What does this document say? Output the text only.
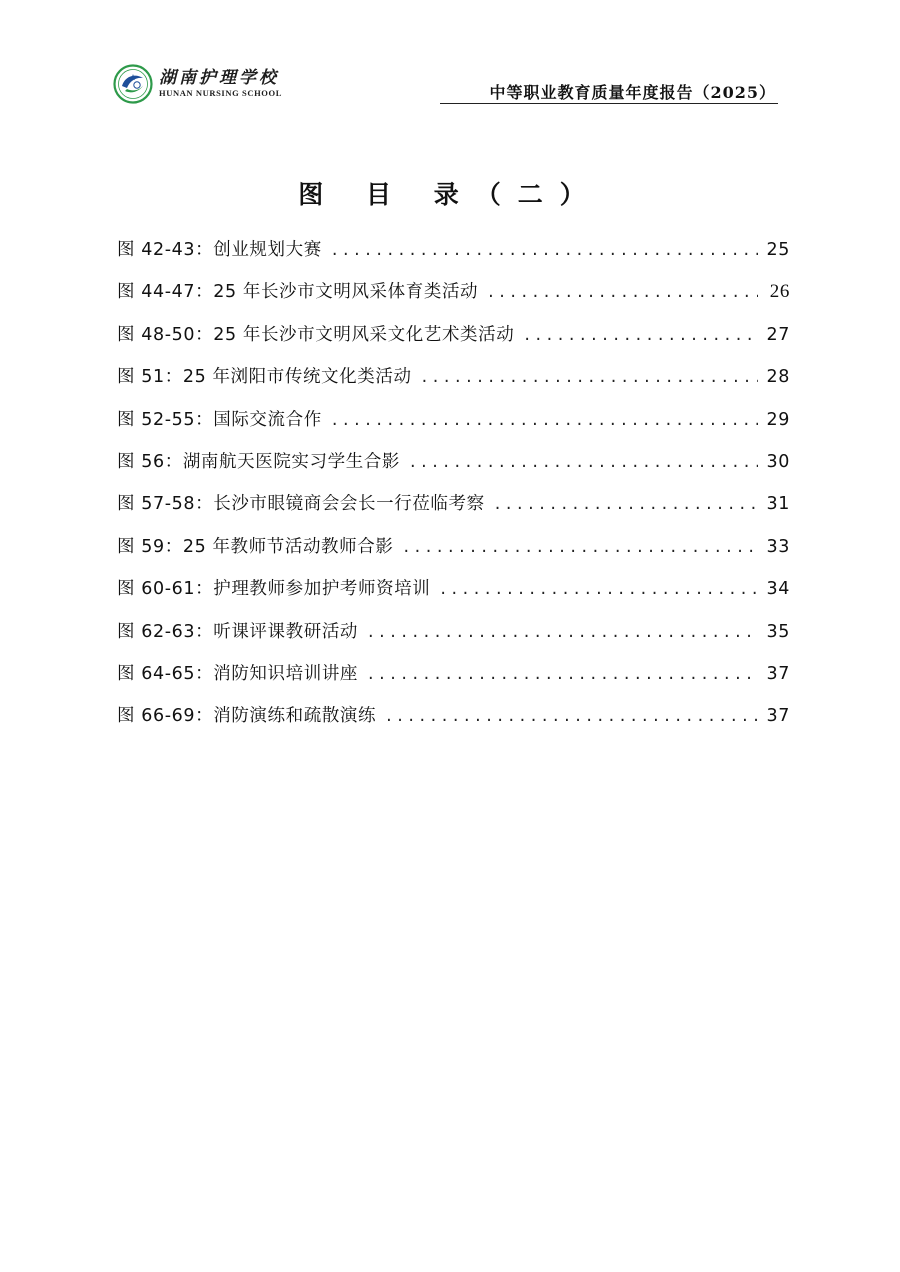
湖南护理学校
HUNAN NURSING SCHOOL	中等职业教育质量年度报告（2025）
图 目 录（二）
图 42-43：创业规划大赛 . . .	25
图 44-47：25 年长沙市文明风采体育类活动 . . .	26
图 48-50：25 年长沙市文明风采文化艺术类活动 . . .	27
图 51：25 年浏阳市传统文化类活动 . . .	28
图 52-55：国际交流合作 . . .	29
图 56：湖南航天医院实习学生合影 . . .	30
图 57-58：长沙市眼镜商会会长一行莅临考察 . . .	31
图 59：25 年教师节活动教师合影 . . .	33
图 60-61：护理教师参加护考师资培训 . . .	34
图 62-63：听课评课教研活动 . . .	35
图 64-65：消防知识培训讲座 . . .	37
图 66-69：消防演练和疏散演练 . . .	37
